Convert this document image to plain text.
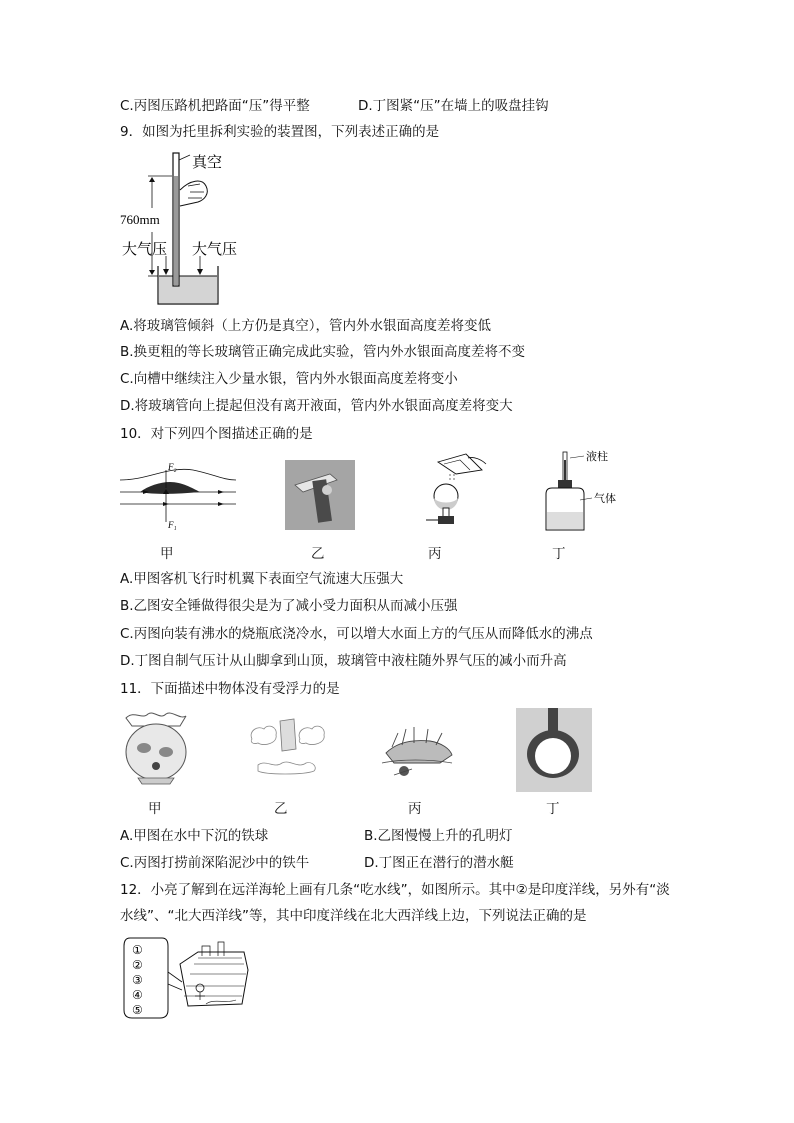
C.丙图压路机把路面“压”得平整	D.丁图紧“压”在墙上的吸盘挂钩
9．如图为托里拆利实验的装置图，下列表述正确的是
真空
760mm
大气压 大气压
A.将玻璃管倾斜（上方仍是真空），管内外水银面高度差将变低
B.换更粗的等长玻璃管正确完成此实验，管内外水银面高度差将不变
C.向槽中继续注入少量水银，管内外水银面高度差将变小
D.将玻璃管向上提起但没有离开液面，管内外水银面高度差将变大
10．对下列四个图描述正确的是
F₂
F₁
液柱
气体
甲	乙	丙	丁
A.甲图客机飞行时机翼下表面空气流速大压强大
B.乙图安全锤做得很尖是为了减小受力面积从而减小压强
C.丙图向装有沸水的烧瓶底浇冷水，可以增大水面上方的气压从而降低水的沸点
D.丁图自制气压计从山脚拿到山顶，玻璃管中液柱随外界气压的减小而升高
11．下面描述中物体没有受浮力的是
甲	乙	丙	丁
A.甲图在水中下沉的铁球	B.乙图慢慢上升的孔明灯
C.丙图打捞前深陷泥沙中的铁牛	D.丁图正在潜行的潜水艇
12．小亮了解到在远洋海轮上画有几条“吃水线”，如图所示。其中②是印度洋线，另外有“淡
水线”、“北大西洋线”等，其中印度洋线在北大西洋线上边，下列说法正确的是
①
②
③
④
⑤
